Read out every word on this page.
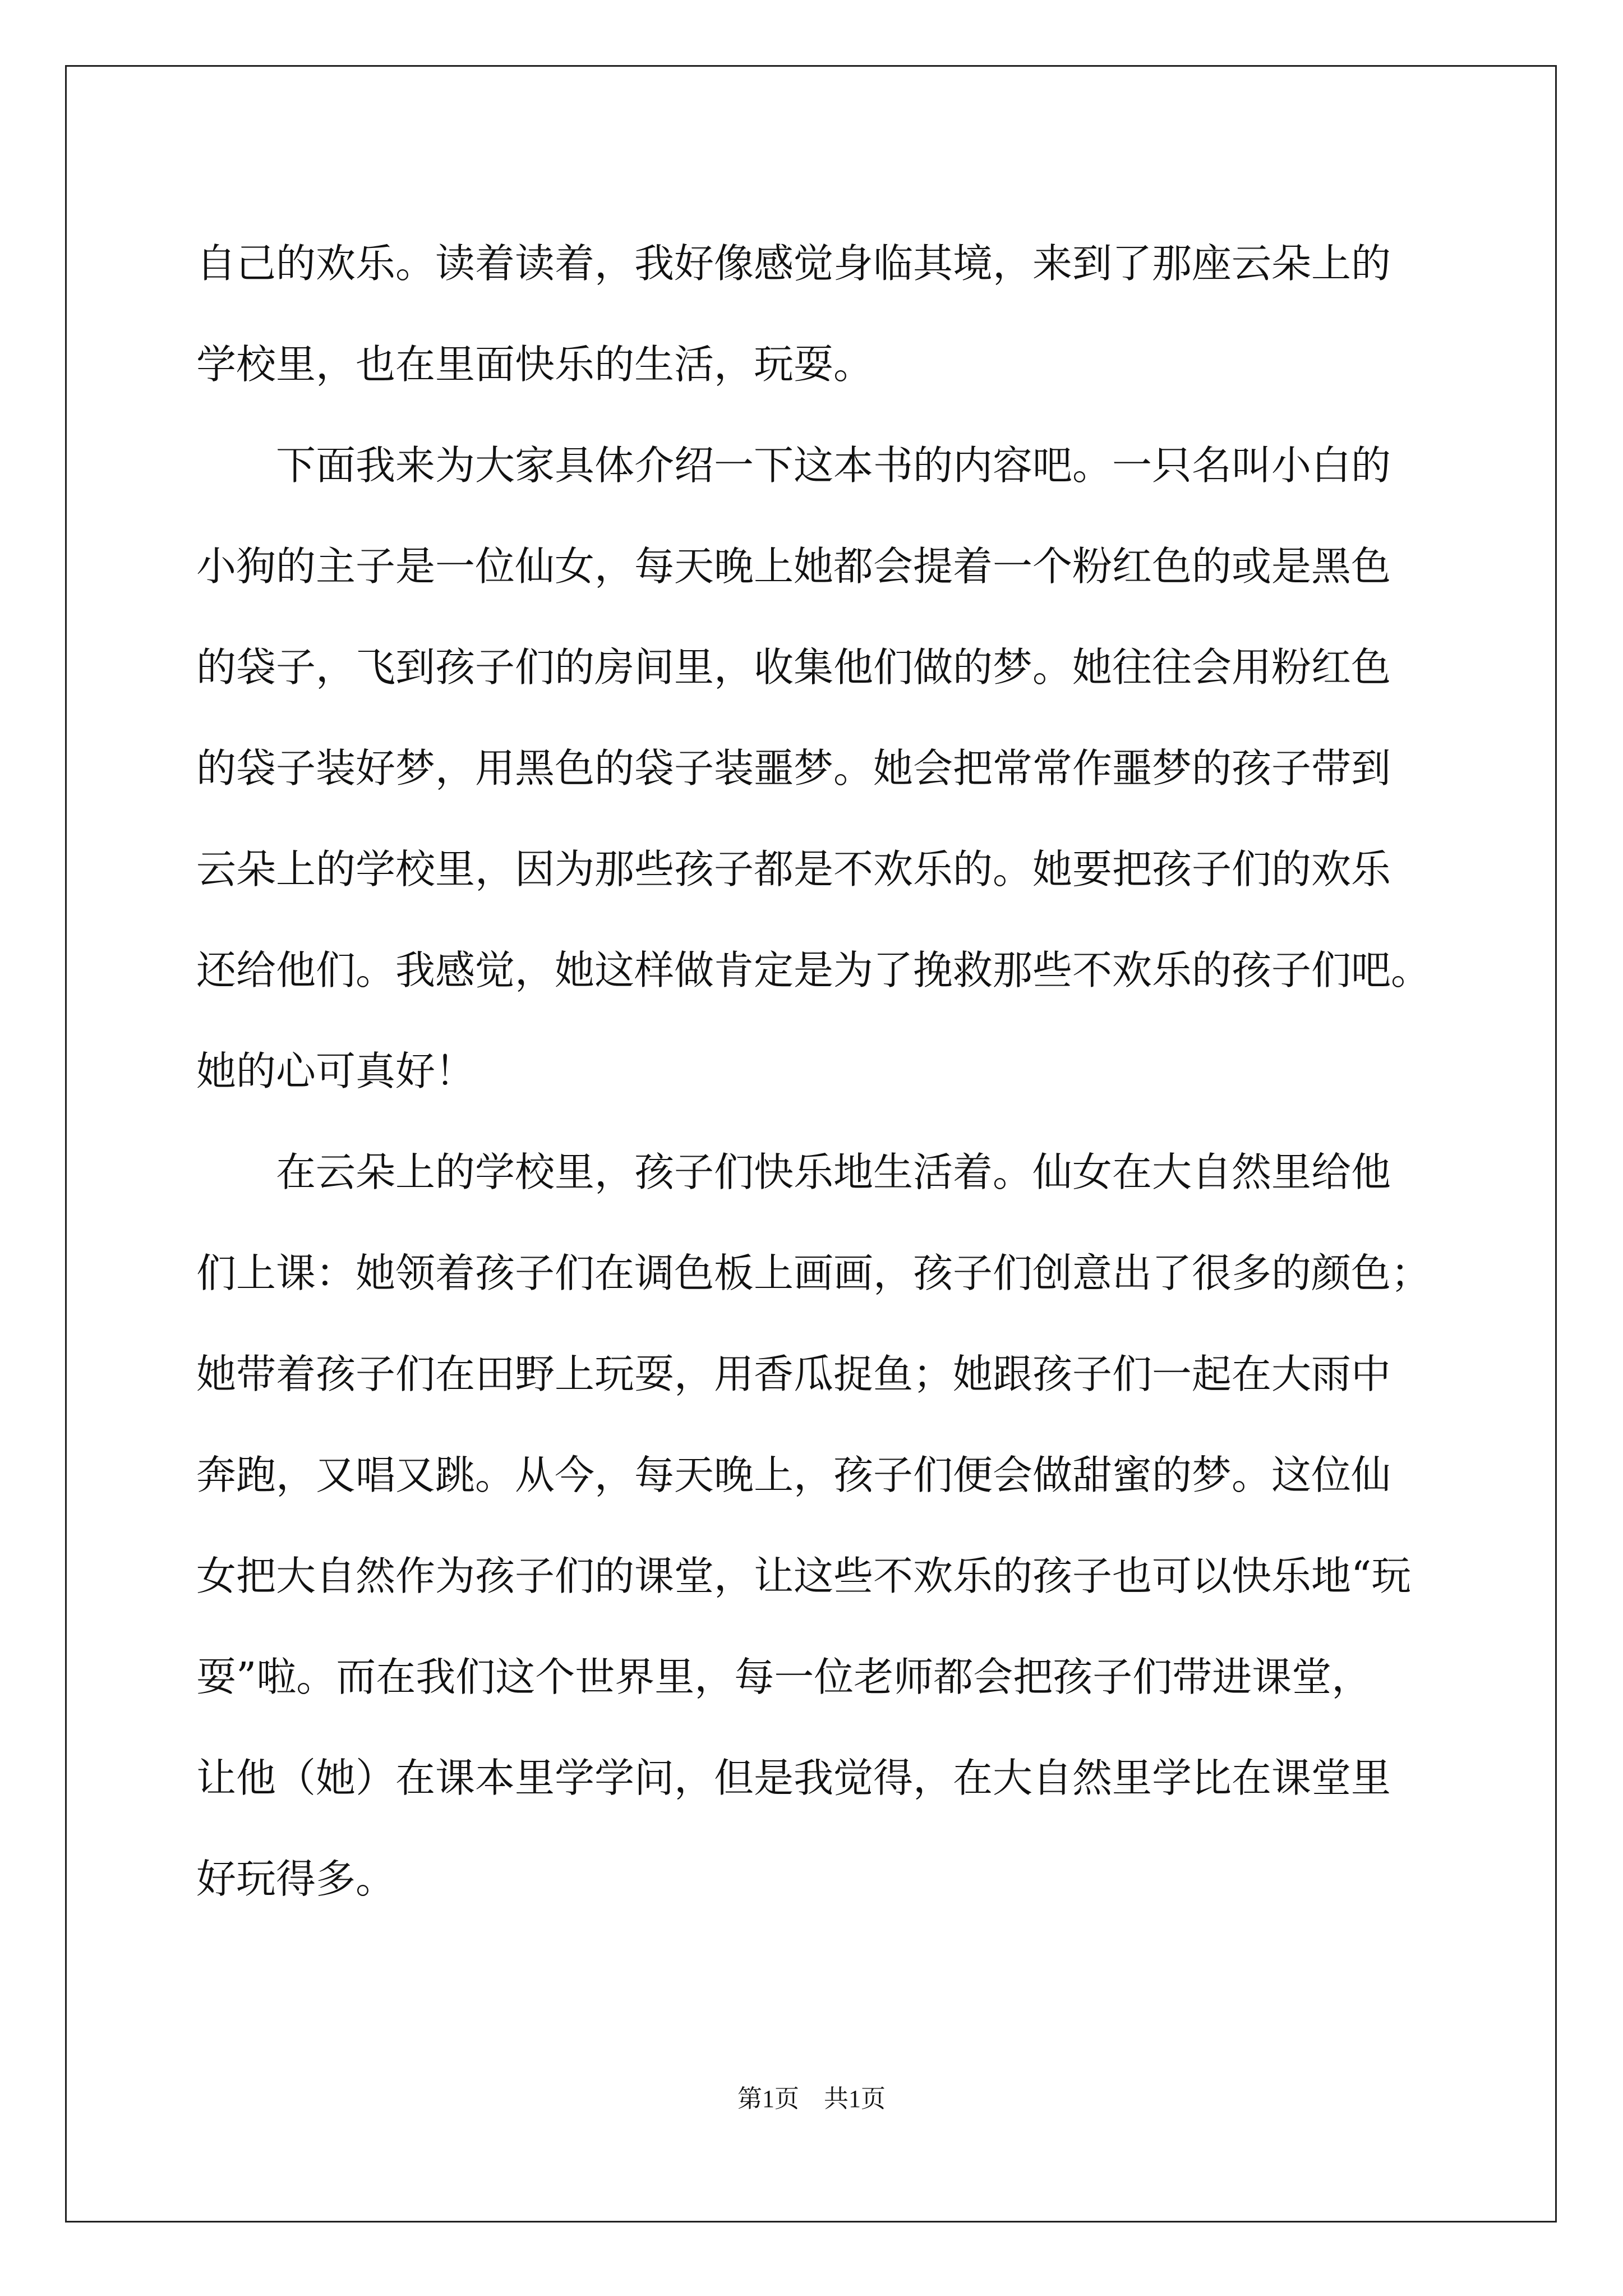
自己的欢乐。读着读着，我好像感觉身临其境，来到了那座云朵上的
学校里，也在里面快乐的生活，玩耍。
下面我来为大家具体介绍一下这本书的内容吧。一只名叫小白的
小狗的主子是一位仙女，每天晚上她都会提着一个粉红色的或是黑色
的袋子，飞到孩子们的房间里，收集他们做的梦。她往往会用粉红色
的袋子装好梦，用黑色的袋子装噩梦。她会把常常作噩梦的孩子带到
云朵上的学校里，因为那些孩子都是不欢乐的。她要把孩子们的欢乐
还给他们。我感觉，她这样做肯定是为了挽救那些不欢乐的孩子们吧。
她的心可真好！
在云朵上的学校里，孩子们快乐地生活着。仙女在大自然里给他
们上课：她领着孩子们在调色板上画画，孩子们创意出了很多的颜色；
她带着孩子们在田野上玩耍，用香瓜捉鱼；她跟孩子们一起在大雨中
奔跑，又唱又跳。从今，每天晚上，孩子们便会做甜蜜的梦。这位仙
女把大自然作为孩子们的课堂，让这些不欢乐的孩子也可以快乐地“玩
耍”啦。而在我们这个世界里，每一位老师都会把孩子们带进课堂，
让他（她）在课本里学学问，但是我觉得，在大自然里学比在课堂里
好玩得多。
第1页 共1页
